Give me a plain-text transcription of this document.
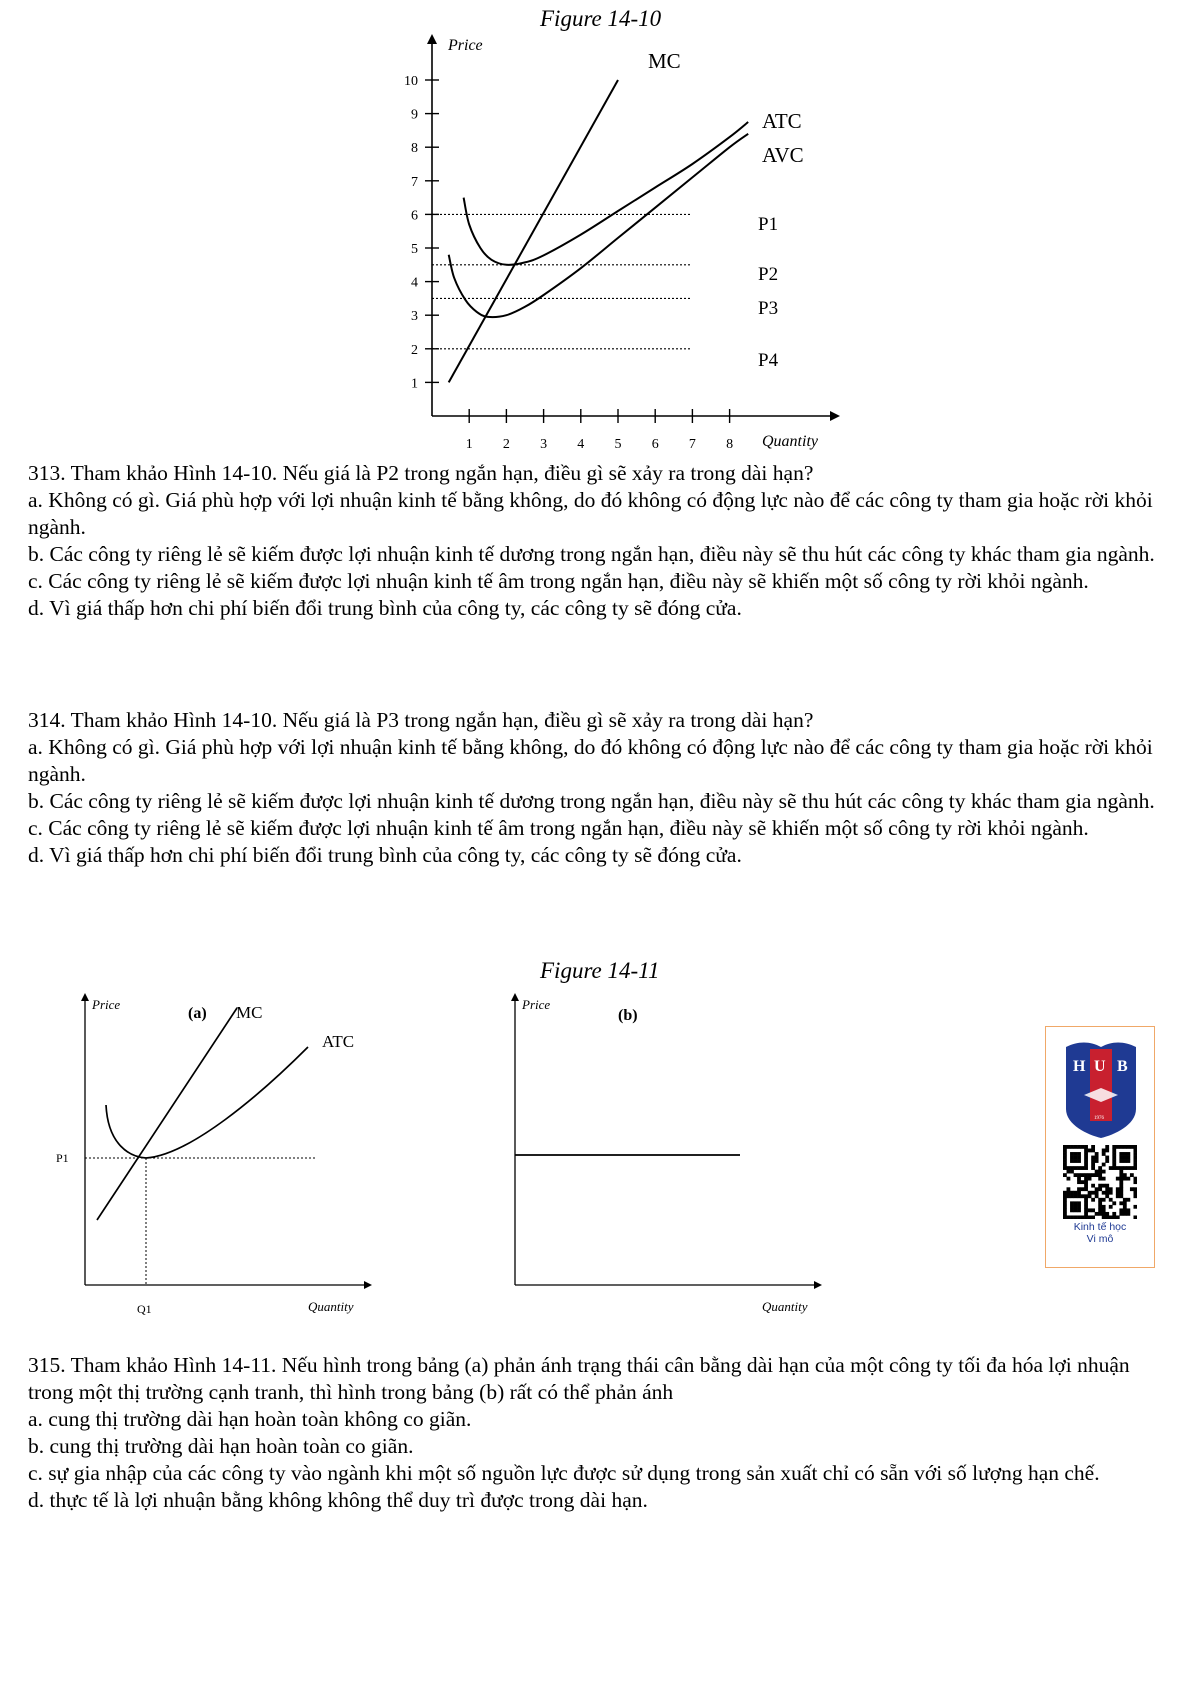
Figure 14-10
1
2
3
4
5
6
7
8
9
10
1 2 3 4 5 6 7 8
Price
Quantity
MC
ATC
AVC
P1
P2
P3
P4

313. Tham khảo Hình 14-10. Nếu giá là P2 trong ngắn hạn, điều gì sẽ xảy ra trong dài hạn?

a. Không có gì. Giá phù hợp với lợi nhuận kinh tế bằng không, do đó không có động lực nào để các công ty tham gia hoặc rời khỏi ngành.

b. Các công ty riêng lẻ sẽ kiếm được lợi nhuận kinh tế dương trong ngắn hạn, điều này sẽ thu hút các công ty khác tham gia ngành.

c. Các công ty riêng lẻ sẽ kiếm được lợi nhuận kinh tế âm trong ngắn hạn, điều này sẽ khiến một số công ty rời khỏi ngành.

d. Vì giá thấp hơn chi phí biến đổi trung bình của công ty, các công ty sẽ đóng cửa.

314. Tham khảo Hình 14-10. Nếu giá là P3 trong ngắn hạn, điều gì sẽ xảy ra trong dài hạn?

a. Không có gì. Giá phù hợp với lợi nhuận kinh tế bằng không, do đó không có động lực nào để các công ty tham gia hoặc rời khỏi ngành.

b. Các công ty riêng lẻ sẽ kiếm được lợi nhuận kinh tế dương trong ngắn hạn, điều này sẽ thu hút các công ty khác tham gia ngành.

c. Các công ty riêng lẻ sẽ kiếm được lợi nhuận kinh tế âm trong ngắn hạn, điều này sẽ khiến một số công ty rời khỏi ngành.

d. Vì giá thấp hơn chi phí biến đổi trung bình của công ty, các công ty sẽ đóng cửa.

Figure 14-11
Price
(a) MC
ATC
P1
Q1	Quantity
Price
(b)
Quantity
H U B
1976
Kinh tế học
Vi mô

315. Tham khảo Hình 14-11. Nếu hình trong bảng (a) phản ánh trạng thái cân bằng dài hạn của một công ty tối đa hóa lợi nhuận trong một thị trường cạnh tranh, thì hình trong bảng (b) rất có thể phản ánh

a. cung thị trường dài hạn hoàn toàn không co giãn.

b. cung thị trường dài hạn hoàn toàn co giãn.

c. sự gia nhập của các công ty vào ngành khi một số nguồn lực được sử dụng trong sản xuất chỉ có sẵn với số lượng hạn chế.

d. thực tế là lợi nhuận bằng không không thể duy trì được trong dài hạn.
